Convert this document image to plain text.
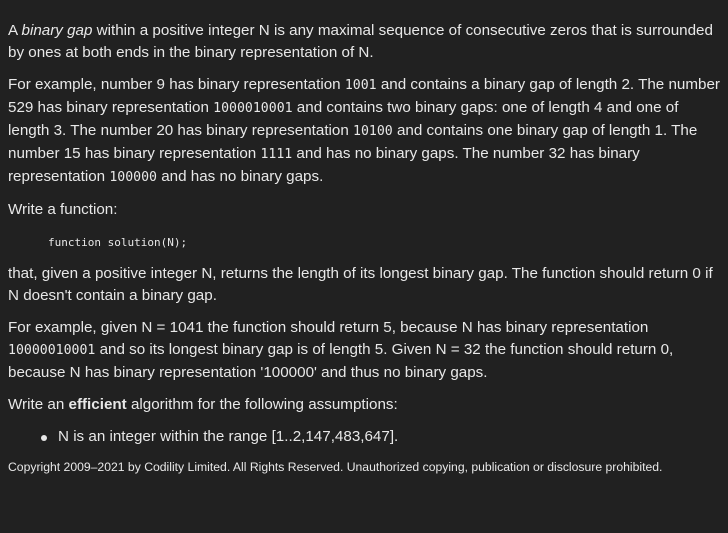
A binary gap within a positive integer N is any maximal sequence of consecutive zeros that is surrounded by ones at both ends in the binary representation of N.

For example, number 9 has binary representation 1001 and contains a binary gap of length 2. The number 529 has binary representation 1000010001 and contains two binary gaps: one of length 4 and one of length 3. The number 20 has binary representation 10100 and contains one binary gap of length 1. The number 15 has binary representation 1111 and has no binary gaps. The number 32 has binary representation 100000 and has no binary gaps.

Write a function:

function solution(N);

that, given a positive integer N, returns the length of its longest binary gap. The function should return 0 if N doesn't contain a binary gap.

For example, given N = 1041 the function should return 5, because N has binary representation 10000010001 and so its longest binary gap is of length 5. Given N = 32 the function should return 0, because N has binary representation '100000' and thus no binary gaps.

Write an efficient algorithm for the following assumptions:

N is an integer within the range [1..2,147,483,647].
Copyright 2009–2021 by Codility Limited. All Rights Reserved. Unauthorized copying, publication or disclosure prohibited.
